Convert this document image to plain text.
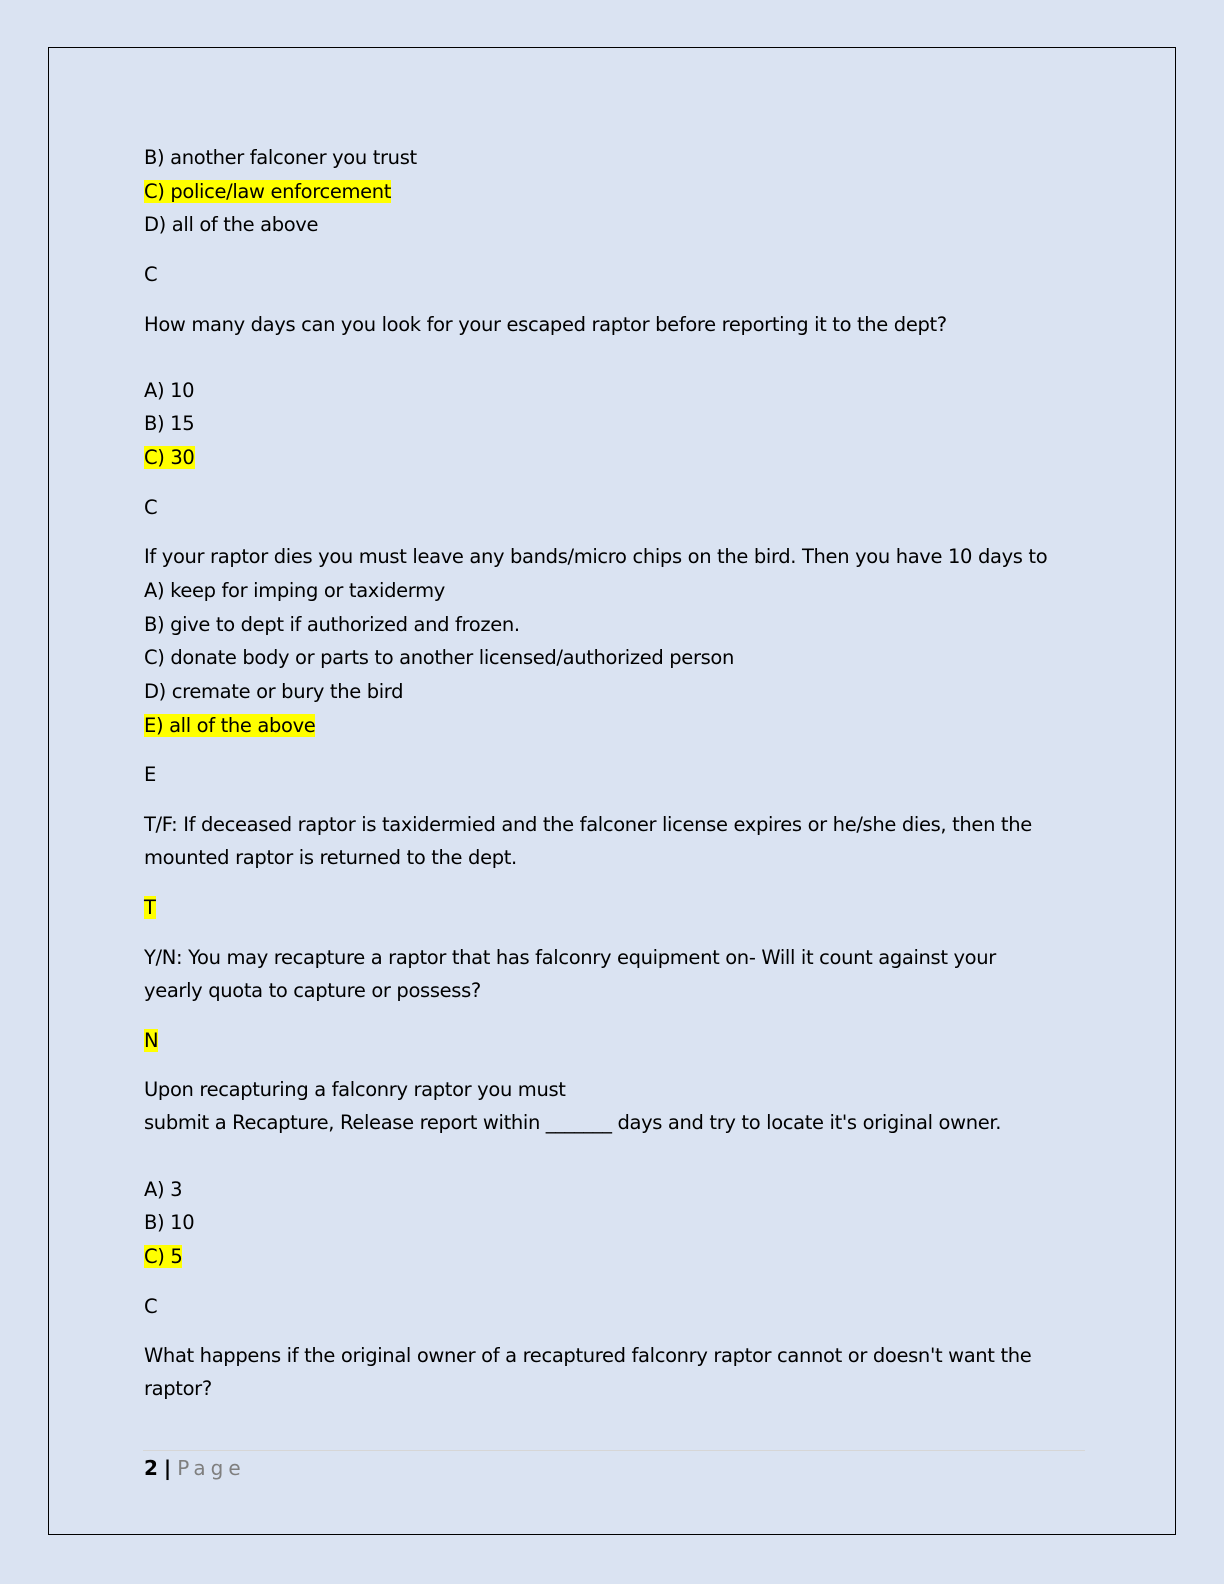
B) another falconer you trust
C) police/law enforcement
D) all of the above
C
How many days can you look for your escaped raptor before reporting it to the dept?
A) 10
B) 15
C) 30
C
If your raptor dies you must leave any bands/micro chips on the bird. Then you have 10 days to
A) keep for imping or taxidermy
B) give to dept if authorized and frozen.
C) donate body or parts to another licensed/authorized person
D) cremate or bury the bird
E) all of the above
E
T/F: If deceased raptor is taxidermied and the falconer license expires or he/she dies, then the
mounted raptor is returned to the dept.
T
Y/N: You may recapture a raptor that has falconry equipment on- Will it count against your
yearly quota to capture or possess?
N
Upon recapturing a falconry raptor you must
submit a Recapture, Release report within _______ days and try to locate it's original owner.
A) 3
B) 10
C) 5
C
What happens if the original owner of a recaptured falconry raptor cannot or doesn't want the
raptor?
2 | Page
